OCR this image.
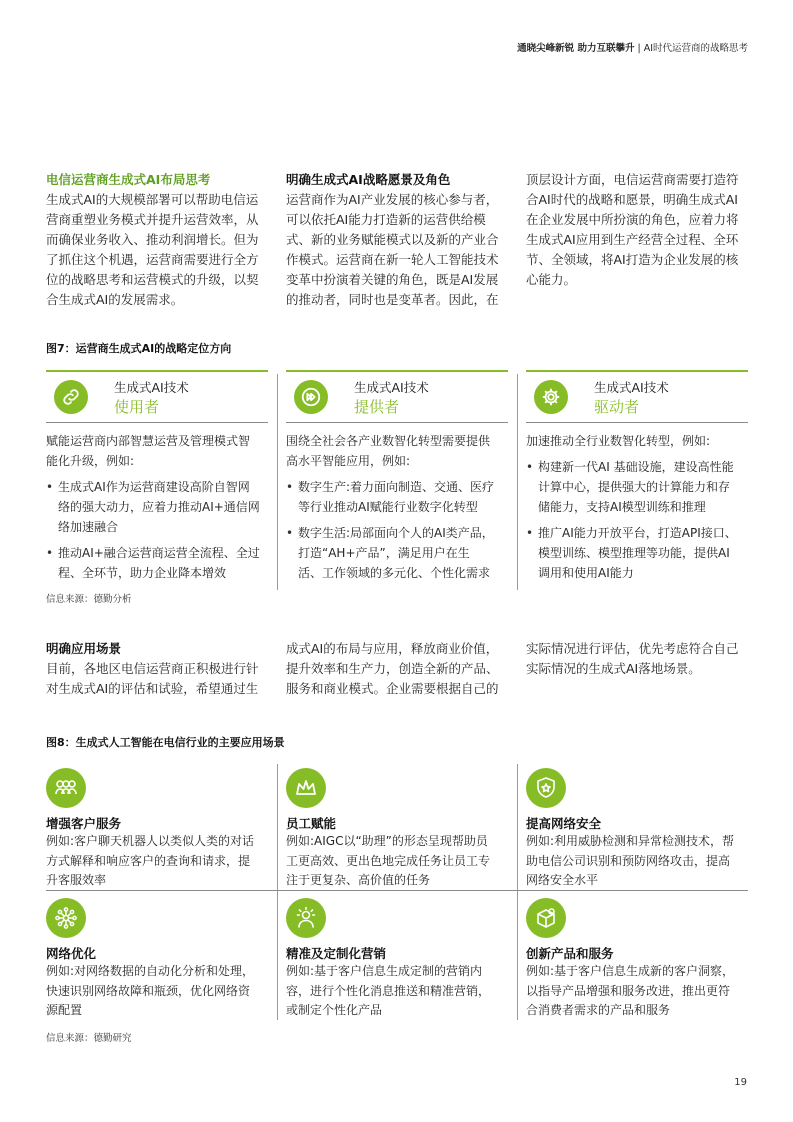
通晓尖峰新锐 助力互联攀升 | AI时代运营商的战略思考
电信运营商生成式AI布局思考
生成式AI的大规模部署可以帮助电信运
营商重塑业务模式并提升运营效率，从
而确保业务收入、推动利润增长。但为
了抓住这个机遇，运营商需要进行全方
位的战略思考和运营模式的升级，以契
合生成式AI的发展需求。
明确生成式AI战略愿景及角色
运营商作为AI产业发展的核心参与者，
可以依托AI能力打造新的运营供给模
式、新的业务赋能模式以及新的产业合
作模式。运营商在新一轮人工智能技术
变革中扮演着关键的角色，既是AI发展
的推动者，同时也是变革者。因此，在
顶层设计方面，电信运营商需要打造符
合AI时代的战略和愿景，明确生成式AI
在企业发展中所扮演的角色，应着力将
生成式AI应用到生产经营全过程、全环
节、全领域，将AI打造为企业发展的核
心能力。
图7：运营商生成式AI的战略定位方向
生成式AI技术
使用者
赋能运营商内部智慧运营及管理模式智
能化升级，例如:
• 生成式AI作为运营商建设高阶自智网
络的强大动力，应着力推动AI+通信网
络加速融合
• 推动AI+融合运营商运营全流程、全过
程、全环节，助力企业降本增效
生成式AI技术
提供者
围绕全社会各产业数智化转型需要提供
高水平智能应用，例如:
• 数字生产:着力面向制造、交通、医疗
等行业推动AI赋能行业数字化转型
• 数字生活:局部面向个人的AI类产品，
打造“AH+产品”，满足用户在生
活、工作领域的多元化、个性化需求
生成式AI技术
驱动者
加速推动全行业数智化转型，例如:
• 构建新一代AI 基础设施，建设高性能
计算中心，提供强大的计算能力和存
储能力，支持AI模型训练和推理
• 推广AI能力开放平台，打造API接口、
模型训练、模型推理等功能，提供AI
调用和使用AI能力
信息来源：德勤分析
明确应用场景
目前，各地区电信运营商正积极进行针
对生成式AI的评估和试验，希望通过生
成式AI的布局与应用，释放商业价值，
提升效率和生产力，创造全新的产品、
服务和商业模式。企业需要根据自己的
实际情况进行评估，优先考虑符合自己
实际情况的生成式AI落地场景。
图8：生成式人工智能在电信行业的主要应用场景
增强客户服务
例如:客户聊天机器人以类似人类的对话
方式解释和响应客户的查询和请求，提
升客服效率
员工赋能
例如:AIGC以“助理”的形态呈现帮助员
工更高效、更出色地完成任务让员工专
注于更复杂、高价值的任务
提高网络安全
例如:利用威胁检测和异常检测技术，帮
助电信公司识别和预防网络攻击，提高
网络安全水平
网络优化
例如:对网络数据的自动化分析和处理，
快速识别网络故障和瓶颈，优化网络资
源配置
精准及定制化营销
例如:基于客户信息生成定制的营销内
容，进行个性化消息推送和精准营销，
或制定个性化产品
创新产品和服务
例如:基于客户信息生成新的客户洞察，
以指导产品增强和服务改进，推出更符
合消费者需求的产品和服务
信息来源：德勤研究
19
